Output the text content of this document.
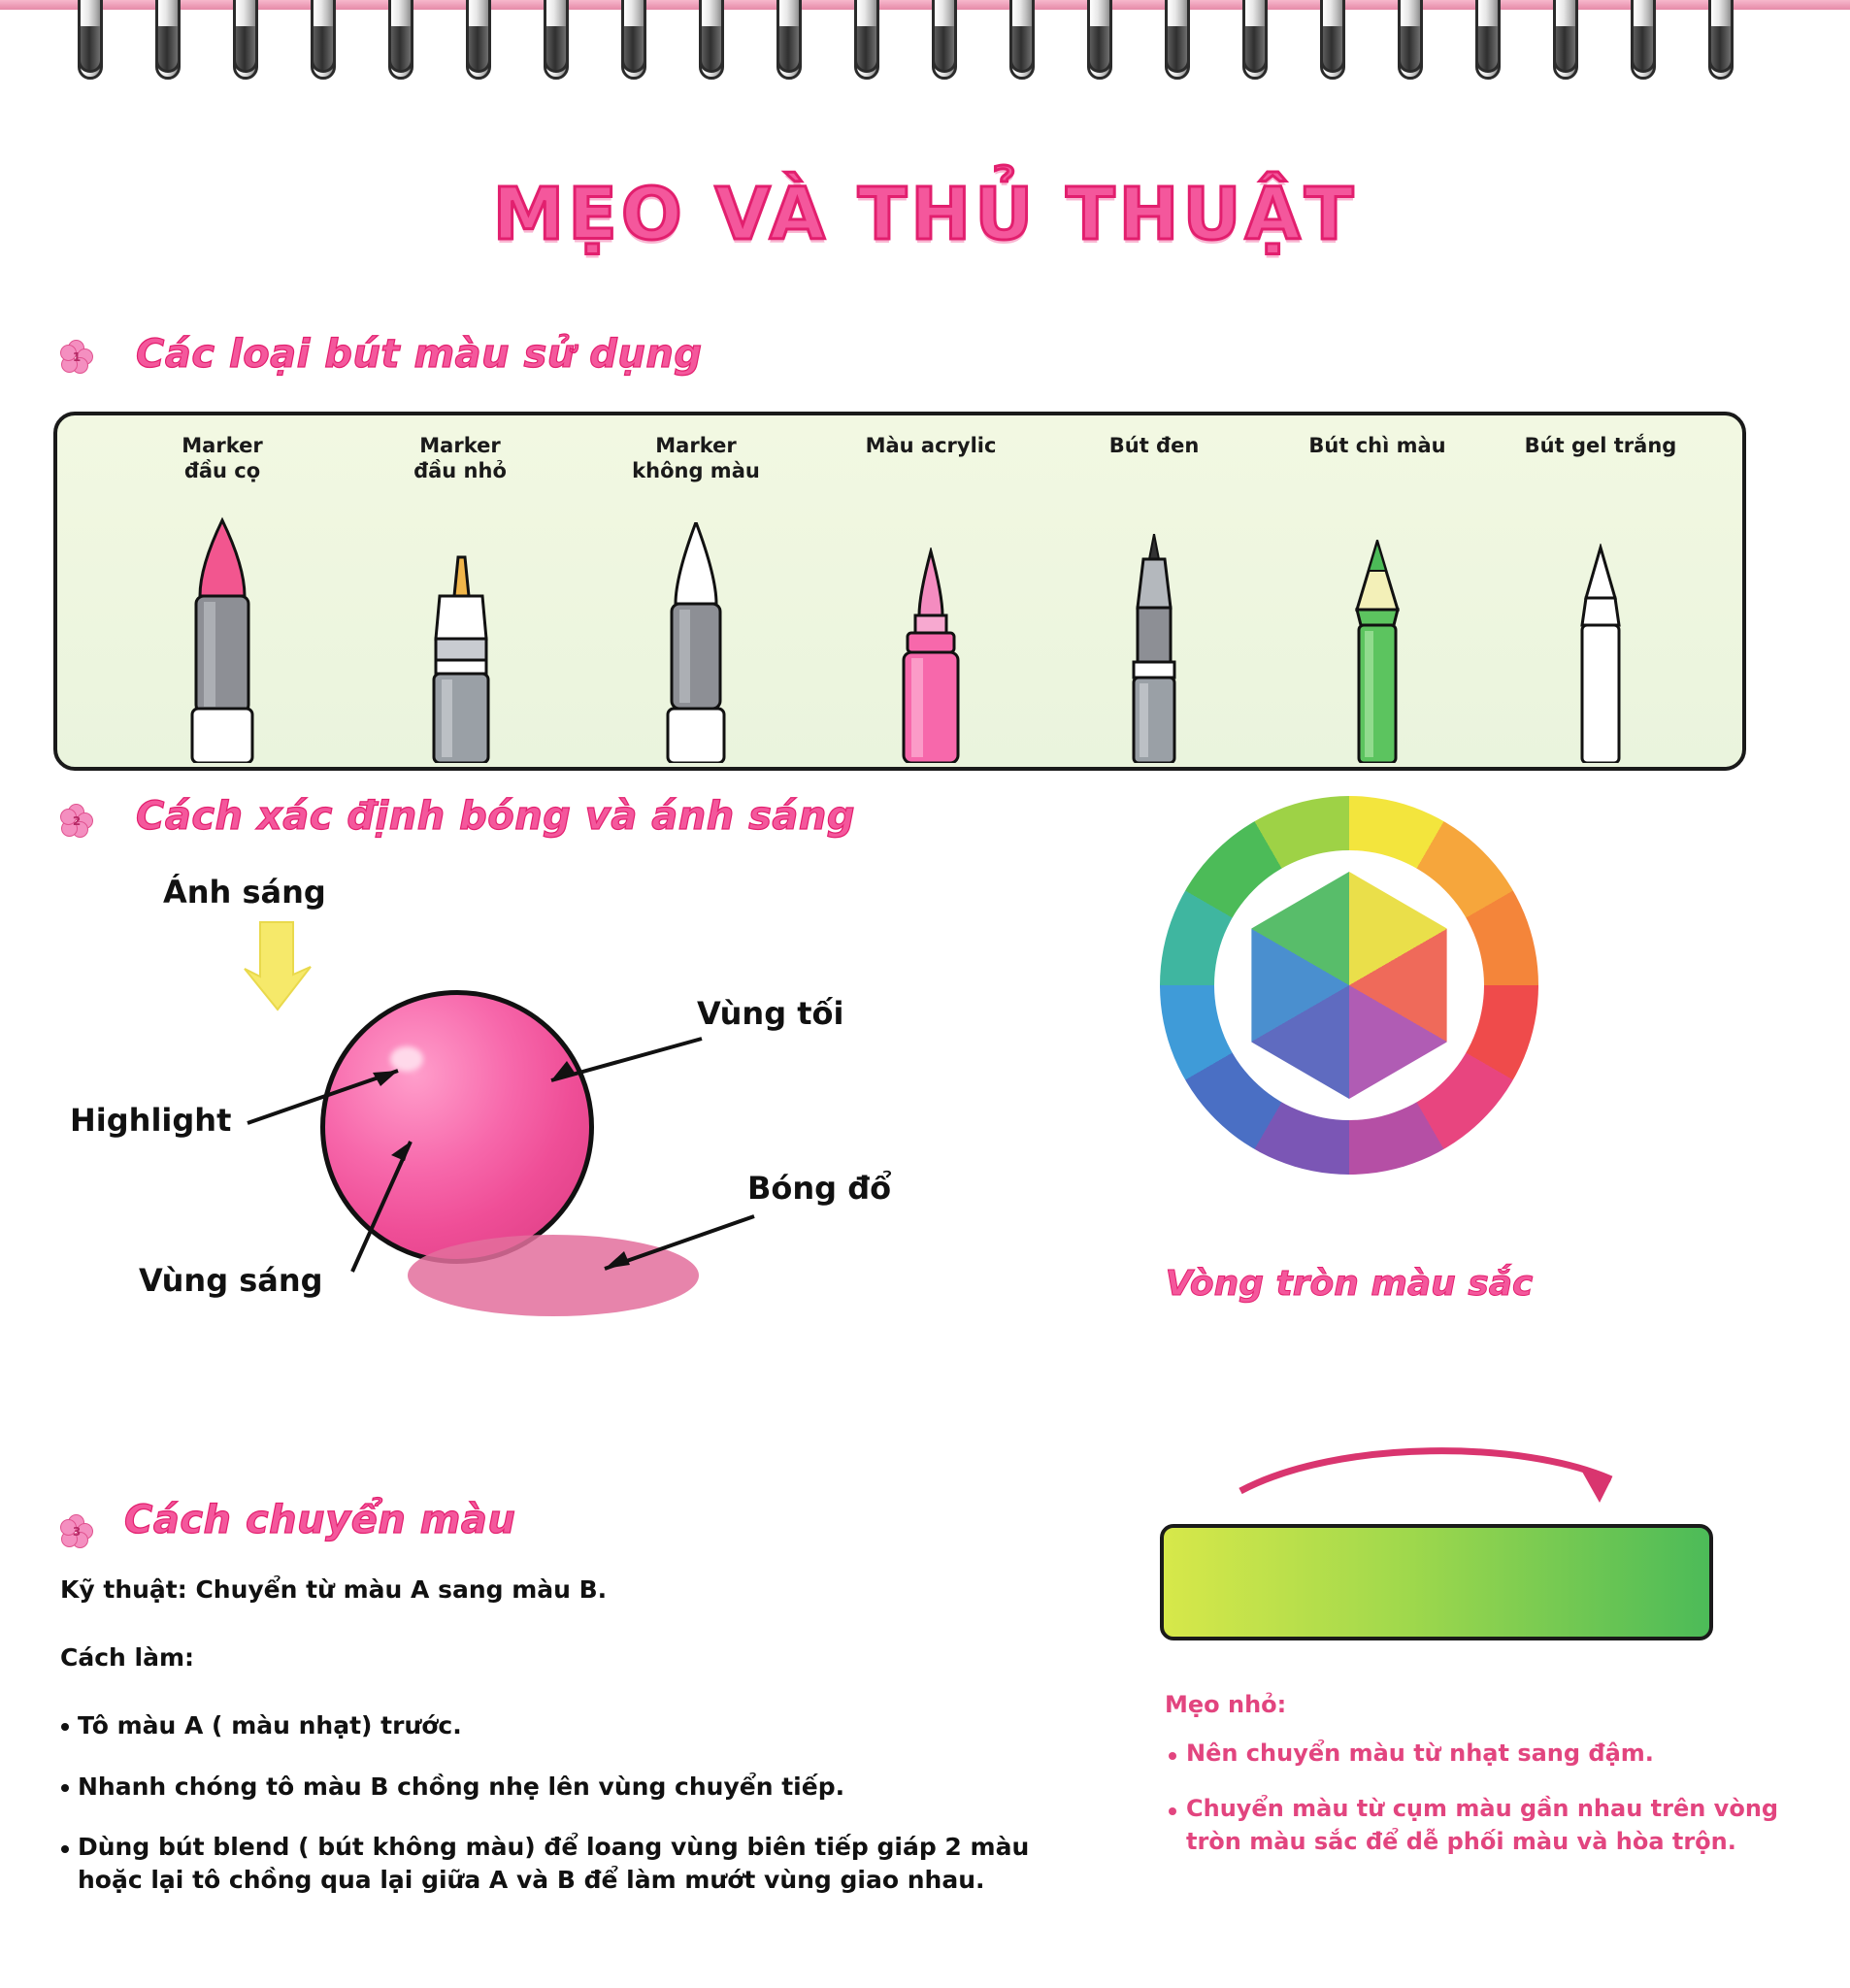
MẸO VÀ THỦ THUẬT
1	Các loại bút màu sử dụng
Marker
đầu cọ
Marker
đầu nhỏ
Marker
không màu
Màu acrylic	Bút đen	Bút chì màu	Bút gel trắng
2	Cách xác định bóng và ánh sáng
Ánh sáng
Vùng tối
Highlight
Bóng đổ
Vùng sáng	Vòng tròn màu sắc
3	Cách chuyển màu
Kỹ thuật: Chuyển từ màu A sang màu B.
Cách làm:
Tô màu A ( màu nhạt) trước.
Nhanh chóng tô màu B chồng nhẹ lên vùng chuyển tiếp.
Dùng bút blend ( bút không màu) để loang vùng biên tiếp giáp 2 màu hoặc lại tô chồng qua lại giữa A và B để làm mướt vùng giao nhau.
Mẹo nhỏ:
Nên chuyển màu từ nhạt sang đậm.
Chuyển màu từ cụm màu gần nhau trên vòng tròn màu sắc để dễ phối màu và hòa trộn.
